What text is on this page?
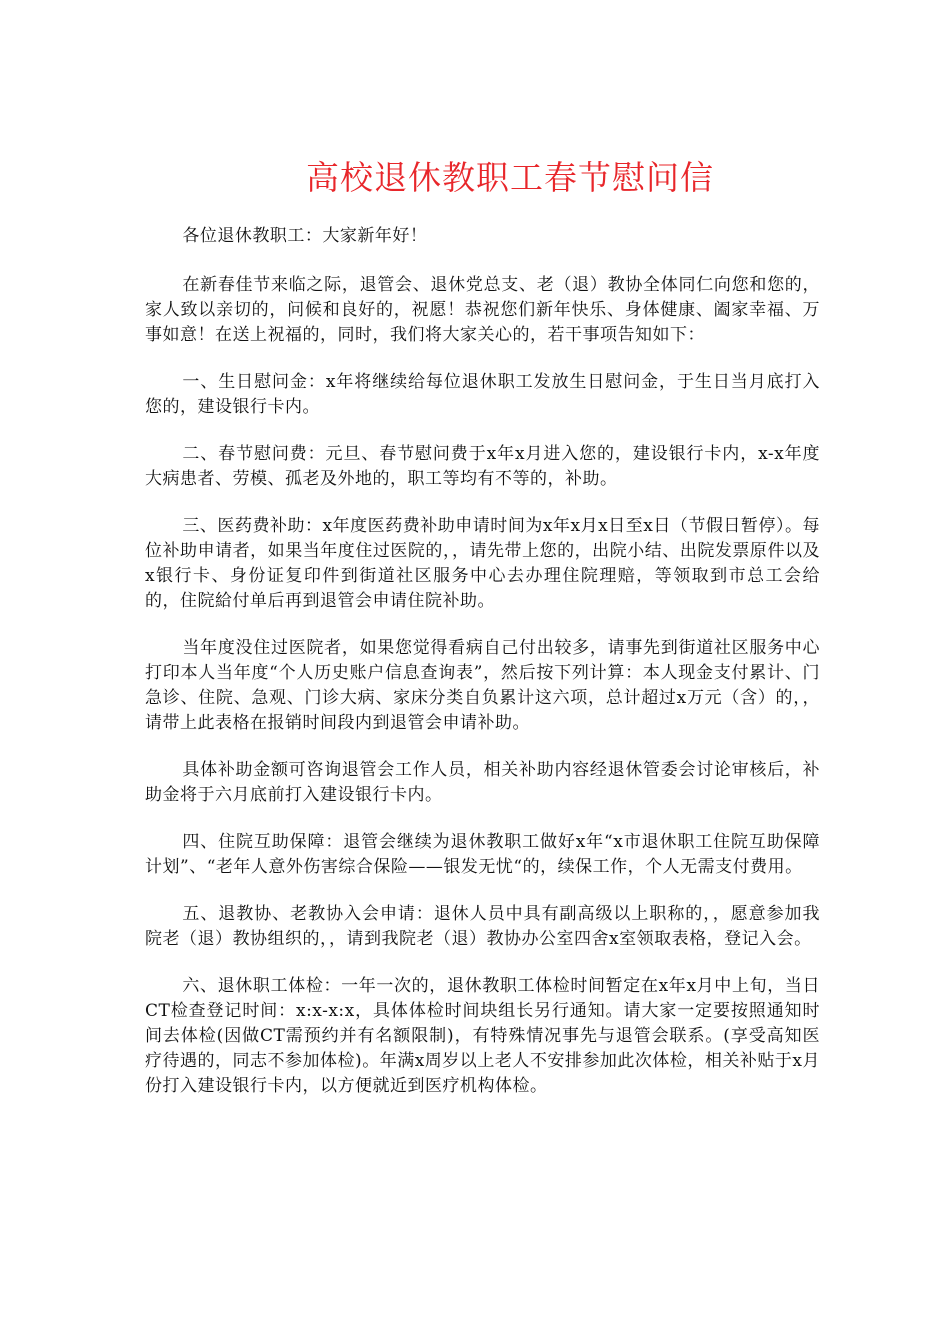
高校退休教职工春节慰问信

各位退休教职工：大家新年好！

在新春佳节来临之际，退管会、退休党总支、老（退）教协全体同仁向您和您的，家人致以亲切的，问候和良好的，祝愿！恭祝您们新年快乐、身体健康、阖家幸福、万事如意！在送上祝福的，同时，我们将大家关心的，若干事项告知如下：

一、生日慰问金：x年将继续给每位退休职工发放生日慰问金，于生日当月底打入您的，建设银行卡内。

二、春节慰问费：元旦、春节慰问费于x年x月进入您的，建设银行卡内，x-x年度大病患者、劳模、孤老及外地的，职工等均有不等的，补助。

三、医药费补助：x年度医药费补助申请时间为x年x月x日至x日（节假日暂停）。每位补助申请者，如果当年度住过医院的，，请先带上您的，出院小结、出院发票原件以及x银行卡、身份证复印件到街道社区服务中心去办理住院理赔，等领取到市总工会给的，住院給付单后再到退管会申请住院补助。

当年度没住过医院者，如果您觉得看病自己付出较多，请事先到街道社区服务中心打印本人当年度“个人历史账户信息查询表”，然后按下列计算：本人现金支付累计、门急诊、住院、急观、门诊大病、家床分类自负累计这六项，总计超过x万元（含）的，，请带上此表格在报销时间段内到退管会申请补助。

具体补助金额可咨询退管会工作人员，相关补助内容经退休管委会讨论审核后，补助金将于六月底前打入建设银行卡内。

四、住院互助保障：退管会继续为退休教职工做好x年“x市退休职工住院互助保障计划”、“老年人意外伤害综合保险——银发无忧“的，续保工作，个人无需支付费用。

五、退教协、老教协入会申请：退休人员中具有副高级以上职称的，，愿意参加我院老（退）教协组织的，，请到我院老（退）教协办公室四舍x室领取表格，登记入会。

六、退休职工体检：一年一次的，退休教职工体检时间暂定在x年x月中上旬，当日CT检查登记时间：x:x-x:x，具体体检时间块组长另行通知。请大家一定要按照通知时间去体检(因做CT需预约并有名额限制)，有特殊情况事先与退管会联系。(享受高知医疗待遇的，同志不参加体检)。年满x周岁以上老人不安排参加此次体检，相关补贴于x月份打入建设银行卡内，以方便就近到医疗机构体检。
